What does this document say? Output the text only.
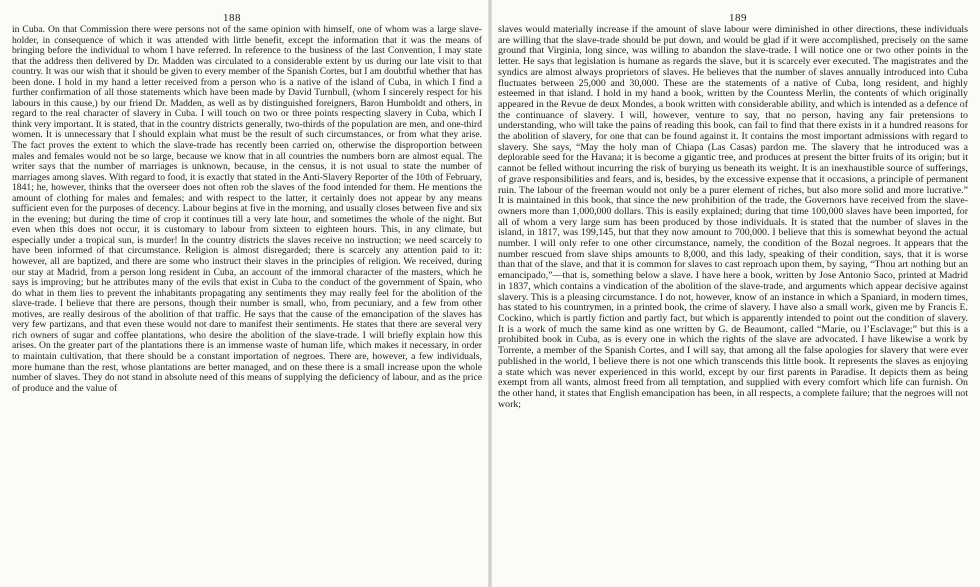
188
in Cuba. On that Commission there were persons not of the same opinion with himself, one of whom was a large slave-holder, in consequence of which it was attended with little benefit, except the information that it was the means of bringing before the individual to whom I have referred. In reference to the business of the last Convention, I may state that the address then delivered by Dr. Madden was circulated to a considerable extent by us during our late visit to that country. It was our wish that it should be given to every member of the Spanish Cortes, but I am doubtful whether that has been done. I hold in my hand a letter received from a person who is a native of the island of Cuba, in which I find a further confirmation of all those statements which have been made by David Turnbull, (whom I sincerely respect for his labours in this cause,) by our friend Dr. Madden, as well as by distinguished foreigners, Baron Humboldt and others, in regard to the real character of slavery in Cuba. I will touch on two or three points respecting slavery in Cuba, which I think very important. It is stated, that in the country districts generally, two-thirds of the population are men, and one-third women. It is unnecessary that I should explain what must be the result of such circumstances, or from what they arise. The fact proves the extent to which the slave-trade has recently been carried on, otherwise the disproportion between males and females would not be so large, because we know that in all countries the numbers born are almost equal. The writer says that the number of marriages is unknown, because, in the census, it is not usual to state the number of marriages among slaves. With regard to food, it is exactly that stated in the Anti-Slavery Reporter of the 10th of February, 1841; he, however, thinks that the overseer does not often rob the slaves of the food intended for them. He mentions the amount of clothing for males and females; and with respect to the latter, it certainly does not appear by any means sufficient even for the purposes of decency. Labour begins at five in the morning, and usually closes between five and six in the evening; but during the time of crop it continues till a very late hour, and sometimes the whole of the night. But even when this does not occur, it is customary to labour from sixteen to eighteen hours. This, in any climate, but especially under a tropical sun, is murder! In the country districts the slaves receive no instruction; we need scarcely to have been informed of that circumstance. Religion is almost disregarded; there is scarcely any attention paid to it: however, all are baptized, and there are some who instruct their slaves in the principles of religion. We received, during our stay at Madrid, from a person long resident in Cuba, an account of the immoral character of the masters, which he says is improving; but he attributes many of the evils that exist in Cuba to the conduct of the government of Spain, who do what in them lies to prevent the inhabitants propagating any sentiments they may really feel for the abolition of the slave-trade. I believe that there are persons, though their number is small, who, from pecuniary, and a few from other motives, are really desirous of the abolition of that traffic. He says that the cause of the emancipation of the slaves has very few partizans, and that even these would not dare to manifest their sentiments. He states that there are several very rich owners of sugar and coffee plantations, who desire the abolition of the slave-trade. I will briefly explain how this arises. On the greater part of the plantations there is an immense waste of human life, which makes it necessary, in order to maintain cultivation, that there should be a constant importation of negroes. There are, however, a few individuals, more humane than the rest, whose plantations are better managed, and on these there is a small increase upon the whole number of slaves. They do not stand in absolute need of this means of supplying the deficiency of labour, and as the price of produce and the value of
189
slaves would materially increase if the amount of slave labour were diminished in other directions, these individuals are willing that the slave-trade should be put down, and would be glad if it were accomplished, precisely on the same ground that Virginia, long since, was willing to abandon the slave-trade. I will notice one or two other points in the letter. He says that legislation is humane as regards the slave, but it is scarcely ever executed. The magistrates and the syndics are almost always proprietors of slaves. He believes that the number of slaves annually introduced into Cuba fluctuates between 25,000 and 30,000. These are the statements of a native of Cuba, long resident, and highly esteemed in that island. I hold in my hand a book, written by the Countess Merlin, the contents of which originally appeared in the Revue de deux Mondes, a book written with considerable ability, and which is intended as a defence of the continuance of slavery. I will, however, venture to say, that no person, having any fair pretensions to understanding, who will take the pains of reading this book, can fail to find that there exists in it a hundred reasons for the abolition of slavery, for one that can be found against it. It contains the most important admissions with regard to slavery. She says, “May the holy man of Chiapa (Las Casas) pardon me. The slavery that he introduced was a deplorable seed for the Havana; it is become a gigantic tree, and produces at present the bitter fruits of its origin; but it cannot be felled without incurring the risk of burying us beneath its weight. It is an inexhaustible source of sufferings, of grave responsibilities and fears, and is, besides, by the excessive expense that it occasions, a principle of permanent ruin. The labour of the freeman would not only be a purer element of riches, but also more solid and more lucrative.” It is maintained in this book, that since the new prohibition of the trade, the Governors have received from the slave-owners more than 1,000,000 dollars. This is easily explained; during that time 100,000 slaves have been imported, for all of whom a very large sum has been produced by those individuals. It is stated that the number of slaves in the island, in 1817, was 199,145, but that they now amount to 700,000. I believe that this is somewhat beyond the actual number. I will only refer to one other circumstance, namely, the condition of the Bozal negroes. It appears that the number rescued from slave ships amounts to 8,000, and this lady, speaking of their condition, says, that it is worse than that of the slave, and that it is common for slaves to cast reproach upon them, by saying, “Thou art nothing but an emancipado,”—that is, something below a slave. I have here a book, written by Jose Antonio Saco, printed at Madrid in 1837, which contains a vindication of the abolition of the slave-trade, and arguments which appear decisive against slavery. This is a pleasing circumstance. I do not, however, know of an instance in which a Spaniard, in modern times, has stated to his countrymen, in a printed book, the crime of slavery. I have also a small work, given me by Francis E. Cockino, which is partly fiction and partly fact, but which is apparently intended to point out the condition of slavery. It is a work of much the same kind as one written by G. de Beaumont, called “Marie, ou l’Esclavage;” but this is a prohibited book in Cuba, as is every one in which the rights of the slave are advocated. I have likewise a work by Torrente, a member of the Spanish Cortes, and I will say, that among all the false apologies for slavery that were ever published in the world, I believe there is not one which transcends this little book. It represents the slaves as enjoying a state which was never experienced in this world, except by our first parents in Paradise. It depicts them as being exempt from all wants, almost freed from all temptation, and supplied with every comfort which life can furnish. On the other hand, it states that English emancipation has been, in all respects, a complete failure; that the negroes will not work;
